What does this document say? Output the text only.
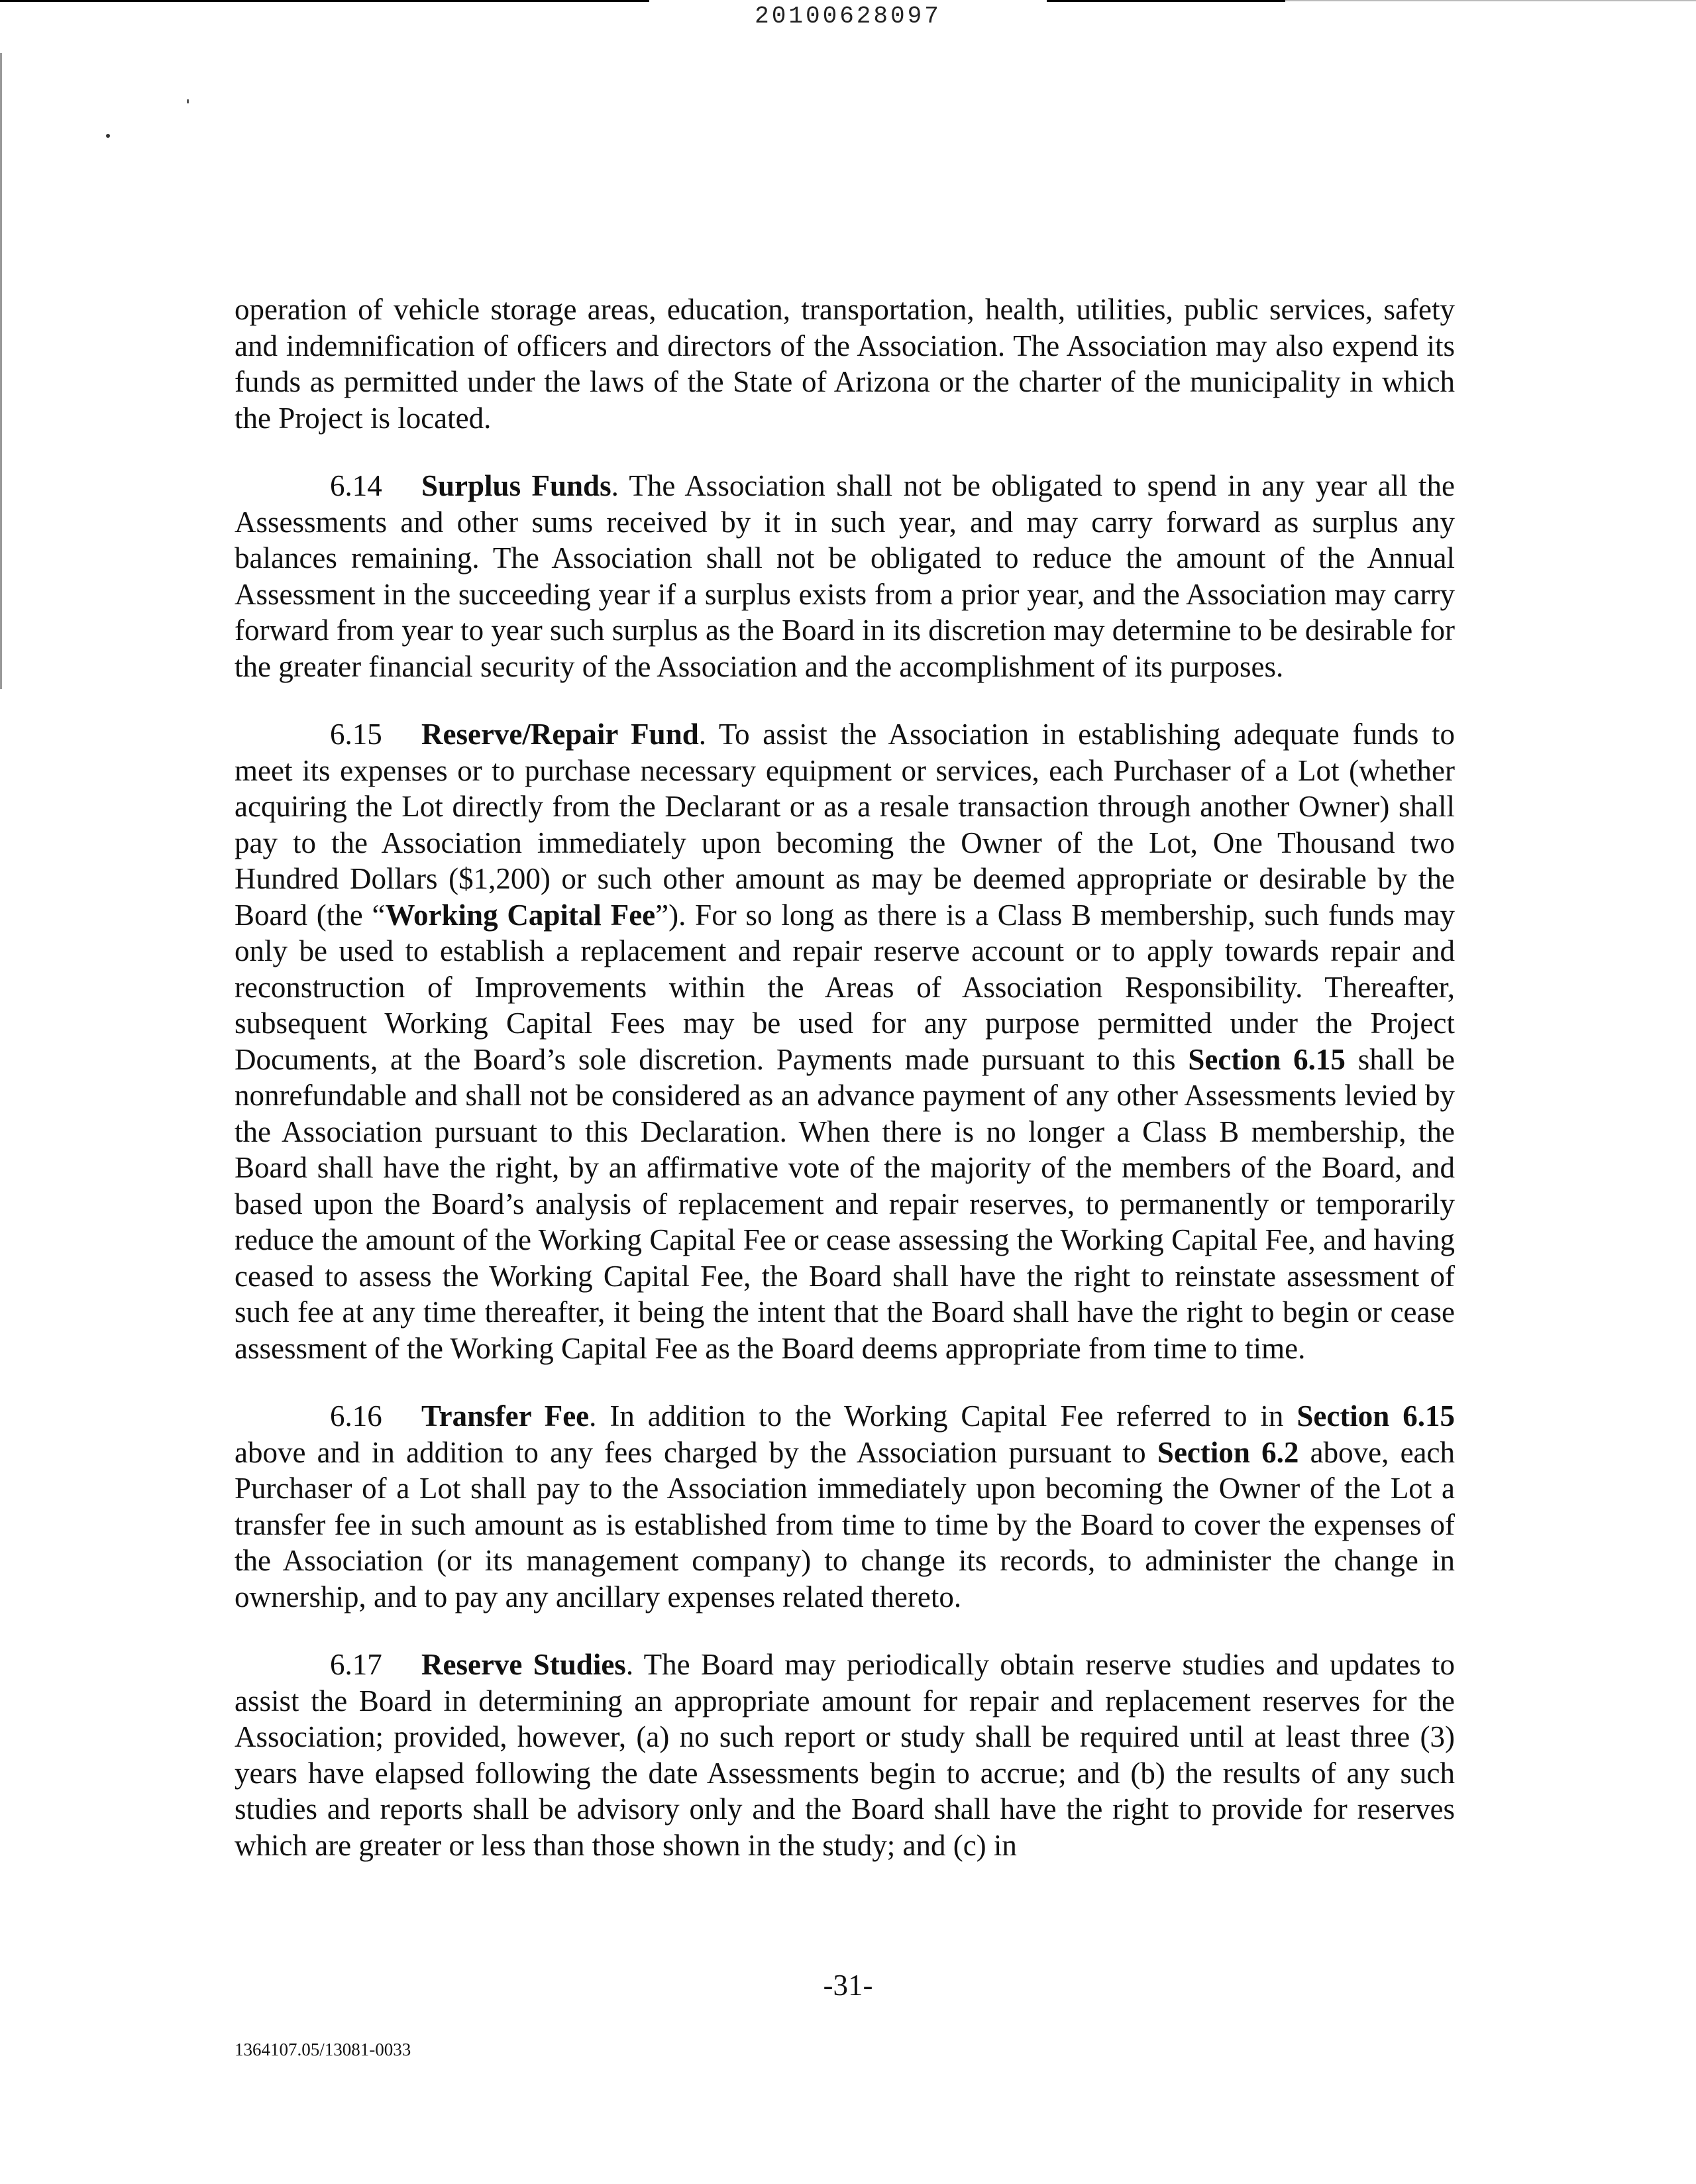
20100628097

operation of vehicle storage areas, education, transportation, health, utilities, public services, safety and indemnification of officers and directors of the Association. The Association may also expend its funds as permitted under the laws of the State of Arizona or the charter of the municipality in which the Project is located.

6.14 Surplus Funds. The Association shall not be obligated to spend in any year all the Assessments and other sums received by it in such year, and may carry forward as surplus any balances remaining. The Association shall not be obligated to reduce the amount of the Annual Assessment in the succeeding year if a surplus exists from a prior year, and the Association may carry forward from year to year such surplus as the Board in its discretion may determine to be desirable for the greater financial security of the Association and the accomplishment of its purposes.

6.15 Reserve/Repair Fund. To assist the Association in establishing adequate funds to meet its expenses or to purchase necessary equipment or services, each Purchaser of a Lot (whether acquiring the Lot directly from the Declarant or as a resale transaction through another Owner) shall pay to the Association immediately upon becoming the Owner of the Lot, One Thousand two Hundred Dollars ($1,200) or such other amount as may be deemed appropriate or desirable by the Board (the “Working Capital Fee”). For so long as there is a Class B membership, such funds may only be used to establish a replacement and repair reserve account or to apply towards repair and reconstruction of Improvements within the Areas of Association Responsibility. Thereafter, subsequent Working Capital Fees may be used for any purpose permitted under the Project Documents, at the Board’s sole discretion. Payments made pursuant to this Section 6.15 shall be nonrefundable and shall not be considered as an advance payment of any other Assessments levied by the Association pursuant to this Declaration. When there is no longer a Class B membership, the Board shall have the right, by an affirmative vote of the majority of the members of the Board, and based upon the Board’s analysis of replacement and repair reserves, to permanently or temporarily reduce the amount of the Working Capital Fee or cease assessing the Working Capital Fee, and having ceased to assess the Working Capital Fee, the Board shall have the right to reinstate assessment of such fee at any time thereafter, it being the intent that the Board shall have the right to begin or cease assessment of the Working Capital Fee as the Board deems appropriate from time to time.

6.16 Transfer Fee. In addition to the Working Capital Fee referred to in Section 6.15 above and in addition to any fees charged by the Association pursuant to Section 6.2 above, each Purchaser of a Lot shall pay to the Association immediately upon becoming the Owner of the Lot a transfer fee in such amount as is established from time to time by the Board to cover the expenses of the Association (or its management company) to change its records, to administer the change in ownership, and to pay any ancillary expenses related thereto.

6.17 Reserve Studies. The Board may periodically obtain reserve studies and updates to assist the Board in determining an appropriate amount for repair and replacement reserves for the Association; provided, however, (a) no such report or study shall be required until at least three (3) years have elapsed following the date Assessments begin to accrue; and (b) the results of any such studies and reports shall be advisory only and the Board shall have the right to provide for reserves which are greater or less than those shown in the study; and (c) in

-31-
1364107.05/13081-0033
